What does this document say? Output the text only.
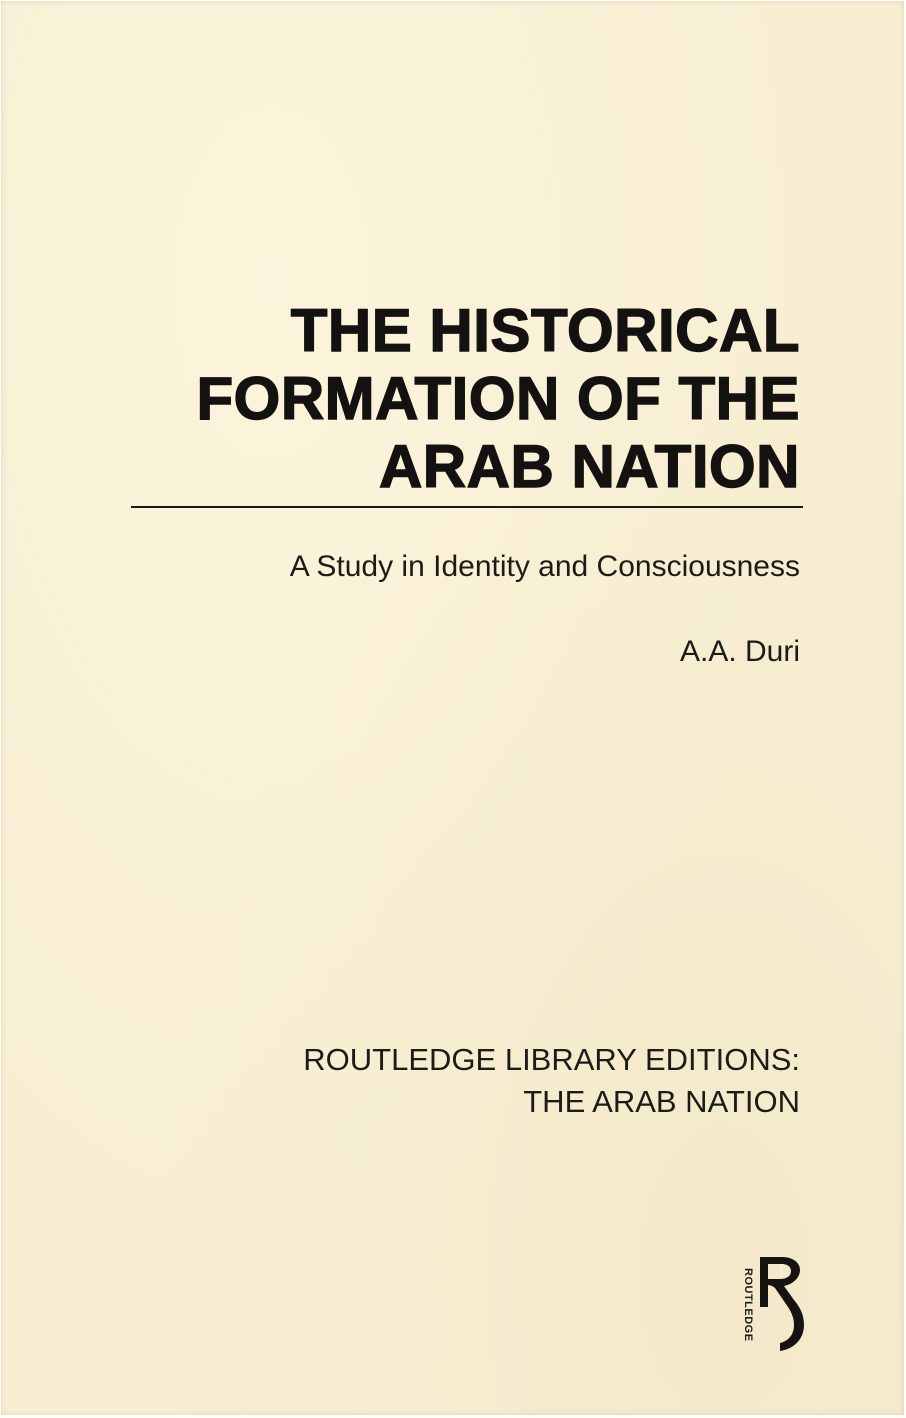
THE HISTORICAL
FORMATION OF THE
ARAB NATION
A Study in Identity and Consciousness
A.A. Duri
ROUTLEDGE LIBRARY EDITIONS:
THE ARAB NATION
ROUTLEDGE
